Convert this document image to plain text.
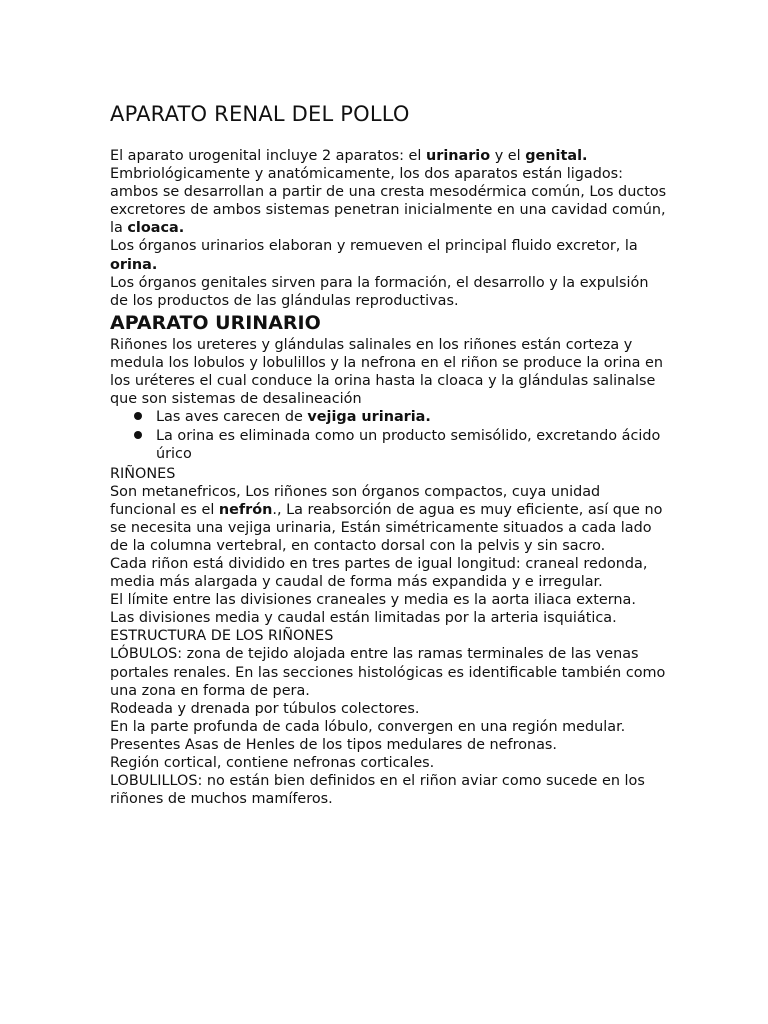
APARATO RENAL DEL POLLO

El aparato urogenital incluye 2 aparatos: el urinario y el genital.

Embriológicamente y anatómicamente, los dos aparatos están ligados: ambos se desarrollan a partir de una cresta mesodérmica común, Los ductos excretores de ambos sistemas penetran inicialmente en una cavidad común, la cloaca.

Los órganos urinarios elaboran y remueven el principal fluido excretor, la orina.

Los órganos genitales sirven para la formación, el desarrollo y la expulsión de los productos de las glándulas reproductivas.

APARATO URINARIO

Riñones los ureteres y glándulas salinales en los riñones están corteza y medula los lobulos y lobulillos y la nefrona en el riñon se produce la orina en los uréteres el cual conduce la orina hasta la cloaca y la glándulas salinalse que son sistemas de desalineación

Las aves carecen de vejiga urinaria.
La orina es eliminada como un producto semisólido, excretando ácido úrico

RIÑONES

Son metanefricos, Los riñones son órganos compactos, cuya unidad funcional es el nefrón., La reabsorción de agua es muy eficiente, así que no se necesita una vejiga urinaria, Están simétricamente situados a cada lado de la columna vertebral, en contacto dorsal con la pelvis y sin sacro.

Cada riñon está dividido en tres partes de igual longitud: craneal redonda, media más alargada y caudal de forma más expandida y e irregular.

El límite entre las divisiones craneales y media es la aorta iliaca externa.

Las divisiones media y caudal están limitadas por la arteria isquiática.

ESTRUCTURA DE LOS RIÑONES

LÓBULOS: zona de tejido alojada entre las ramas terminales de las venas portales renales. En las secciones histológicas es identificable también como una zona en forma de pera.

Rodeada y drenada por túbulos colectores.

En la parte profunda de cada lóbulo, convergen en una región medular.

Presentes Asas de Henles de los tipos medulares de nefronas.

Región cortical, contiene nefronas corticales.

LOBULILLOS: no están bien definidos en el riñon aviar como sucede en los riñones de muchos mamíferos.
